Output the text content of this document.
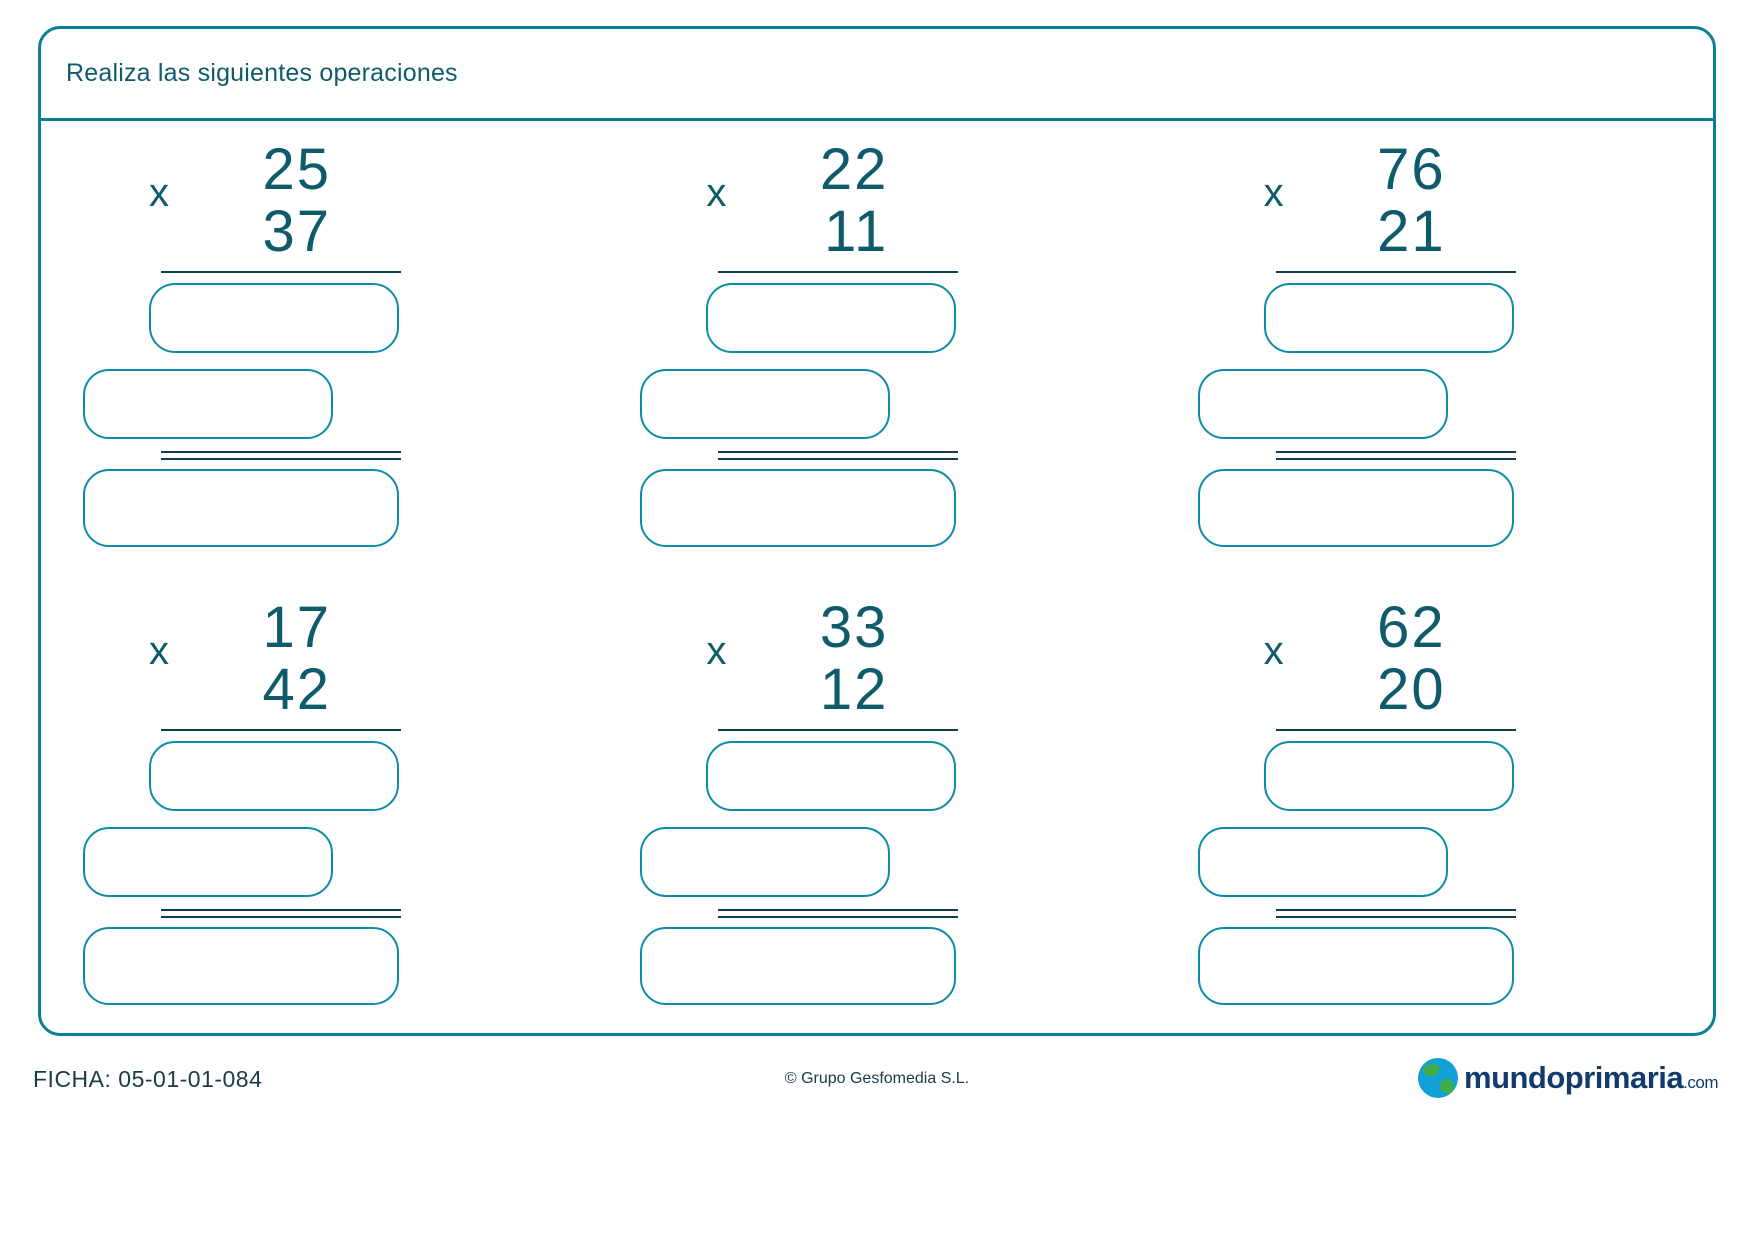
Realiza las siguientes operaciones
x	25
37
x	22
11
x	76
21
x	17
42
x	33
12
x	62
20
FICHA: 05-01-01-084	© Grupo Gesfomedia S.L.	mundoprimaria.com
